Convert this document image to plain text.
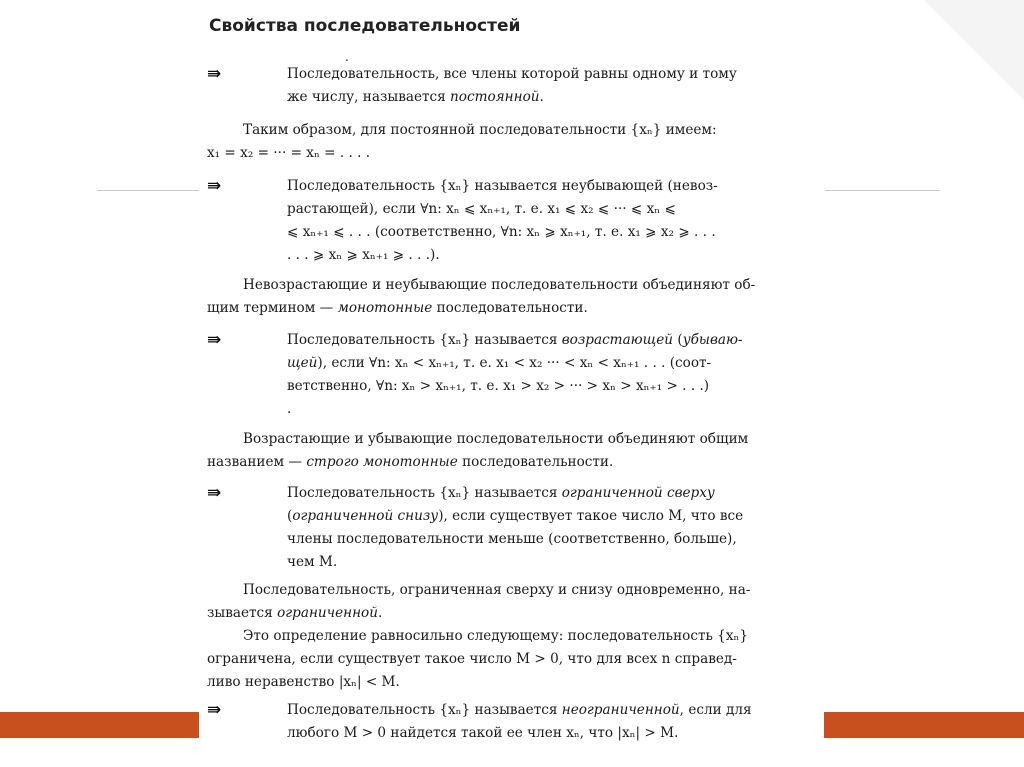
Свойства последовательностей
.
⇛	Последовательность, все члены которой равны одному и тому
же числу, называется постоянной.
Таким образом, для постоянной последовательности {xₙ} имеем:
x₁ = x₂ = ··· = xₙ = . . . .
⇛	Последовательность {xₙ} называется неубывающей (невоз-
растающей), если ∀n: xₙ ⩽ xₙ₊₁, т. е. x₁ ⩽ x₂ ⩽ ··· ⩽ xₙ ⩽
⩽ xₙ₊₁ ⩽ . . . (соответственно, ∀n: xₙ ⩾ xₙ₊₁, т. е. x₁ ⩾ x₂ ⩾ . . .
. . . ⩾ xₙ ⩾ xₙ₊₁ ⩾ . . .).
Невозрастающие и неубывающие последовательности объединяют об-
щим термином — монотонные последовательности.
⇛	Последовательность {xₙ} называется возрастающей (убываю-
щей), если ∀n: xₙ < xₙ₊₁, т. е. x₁ < x₂ ··· < xₙ < xₙ₊₁ . . . (соот-
ветственно, ∀n: xₙ > xₙ₊₁, т. е. x₁ > x₂ > ··· > xₙ > xₙ₊₁ > . . .)
.
Возрастающие и убывающие последовательности объединяют общим
названием — строго монотонные последовательности.
⇛	Последовательность {xₙ} называется ограниченной сверху
(ограниченной снизу), если существует такое число M, что все
члены последовательности меньше (соответственно, больше),
чем M.
Последовательность, ограниченная сверху и снизу одновременно, на-
зывается ограниченной.
Это определение равносильно следующему: последовательность {xₙ}
ограничена, если существует такое число M > 0, что для всех n справед-
ливо неравенство |xₙ| < M.
⇛	Последовательность {xₙ} называется неограниченной, если для
любого M > 0 найдется такой ее член xₙ, что |xₙ| > M.
